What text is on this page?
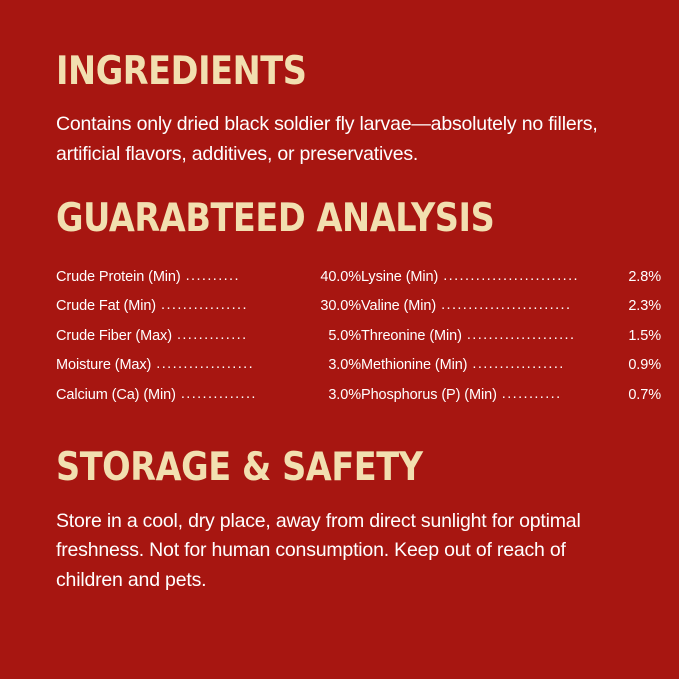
INGREDIENTS

Contains only dried black soldier fly larvae—absolutely no fillers, artificial flavors, additives, or preservatives.

GUARABTEED ANALYSIS
Crude Protein (Min) ..........	40.0%
Crude Fat (Min) ................	30.0%
Crude Fiber (Max) .............	5.0%
Moisture (Max) ..................	3.0%
Calcium (Ca) (Min) ..............	3.0%
Lysine (Min) .........................	2.8%
Valine (Min) ........................	2.3%
Threonine (Min) ....................	1.5%
Methionine (Min) .................	0.9%
Phosphorus (P) (Min) ...........	0.7%
STORAGE & SAFETY

Store in a cool, dry place, away from direct sunlight for optimal freshness. Not for human consumption. Keep out of reach of children and pets.
